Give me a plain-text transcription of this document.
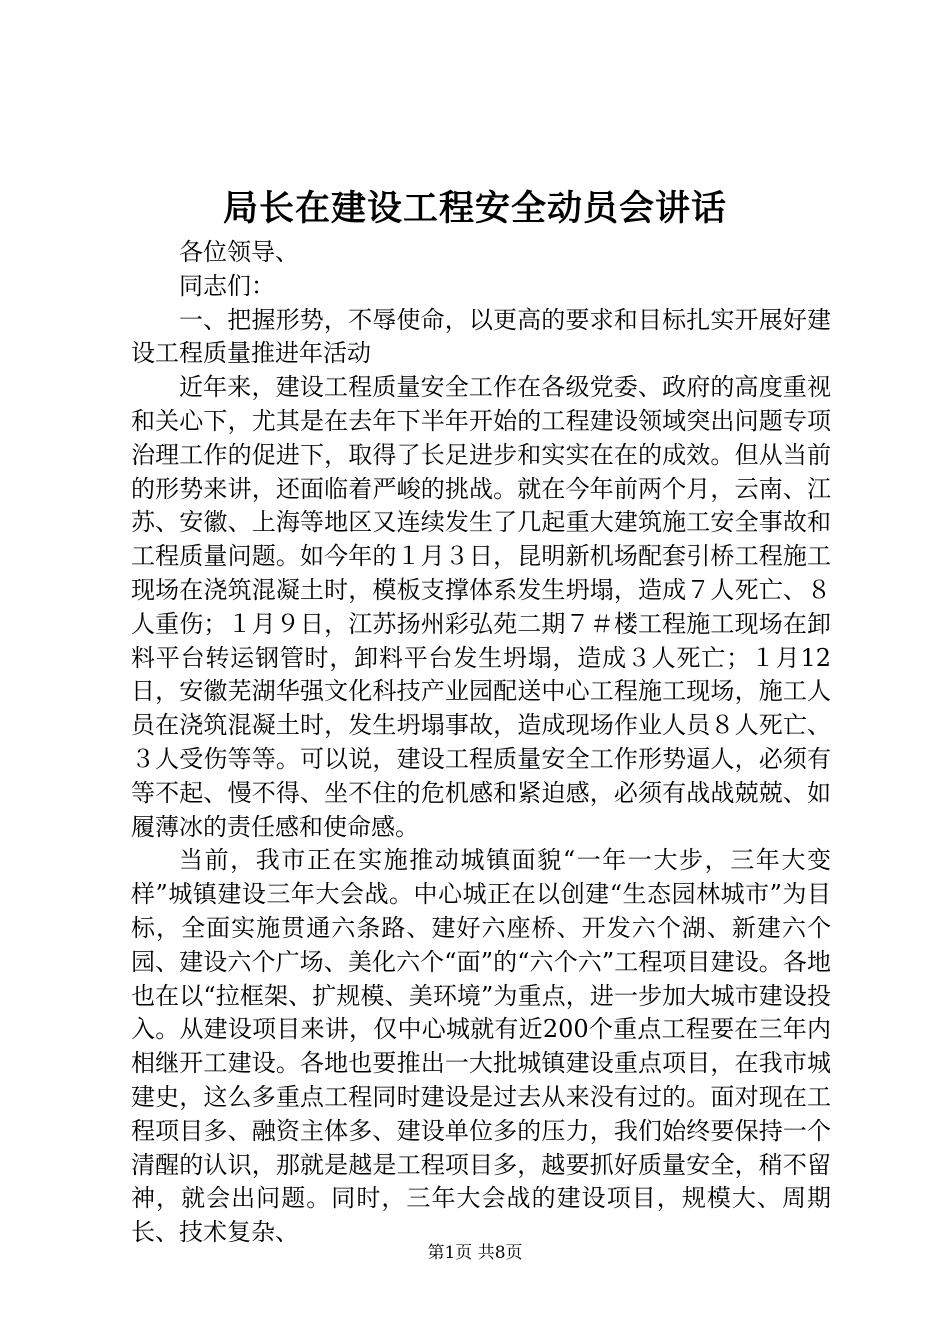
局长在建设工程安全动员会讲话

各位领导、

同志们：

一、把握形势，不辱使命，以更高的要求和目标扎实开展好建设工程质量推进年活动

近年来，建设工程质量安全工作在各级党委、政府的高度重视和关心下，尤其是在去年下半年开始的工程建设领域突出问题专项治理工作的促进下，取得了长足进步和实实在在的成效。但从当前的形势来讲，还面临着严峻的挑战。就在今年前两个月，云南、江苏、安徽、上海等地区又连续发生了几起重大建筑施工安全事故和工程质量问题。如今年的１月３日，昆明新机场配套引桥工程施工现场在浇筑混凝土时，模板支撑体系发生坍塌，造成７人死亡、８人重伤；１月９日，江苏扬州彩弘苑二期７＃楼工程施工现场在卸料平台转运钢管时，卸料平台发生坍塌，造成３人死亡；１月12日，安徽芜湖华强文化科技产业园配送中心工程施工现场，施工人员在浇筑混凝土时，发生坍塌事故，造成现场作业人员８人死亡、３人受伤等等。可以说，建设工程质量安全工作形势逼人，必须有等不起、慢不得、坐不住的危机感和紧迫感，必须有战战兢兢、如履薄冰的责任感和使命感。

当前，我市正在实施推动城镇面貌“一年一大步，三年大变样”城镇建设三年大会战。中心城正在以创建“生态园林城市”为目标，全面实施贯通六条路、建好六座桥、开发六个湖、新建六个园、建设六个广场、美化六个“面”的“六个六”工程项目建设。各地也在以“拉框架、扩规模、美环境”为重点，进一步加大城市建设投入。从建设项目来讲，仅中心城就有近200个重点工程要在三年内相继开工建设。各地也要推出一大批城镇建设重点项目，在我市城建史，这么多重点工程同时建设是过去从来没有过的。面对现在工程项目多、融资主体多、建设单位多的压力，我们始终要保持一个清醒的认识，那就是越是工程项目多，越要抓好质量安全，稍不留神，就会出问题。同时，三年大会战的建设项目，规模大、周期长、技术复杂、

第1页 共8页
